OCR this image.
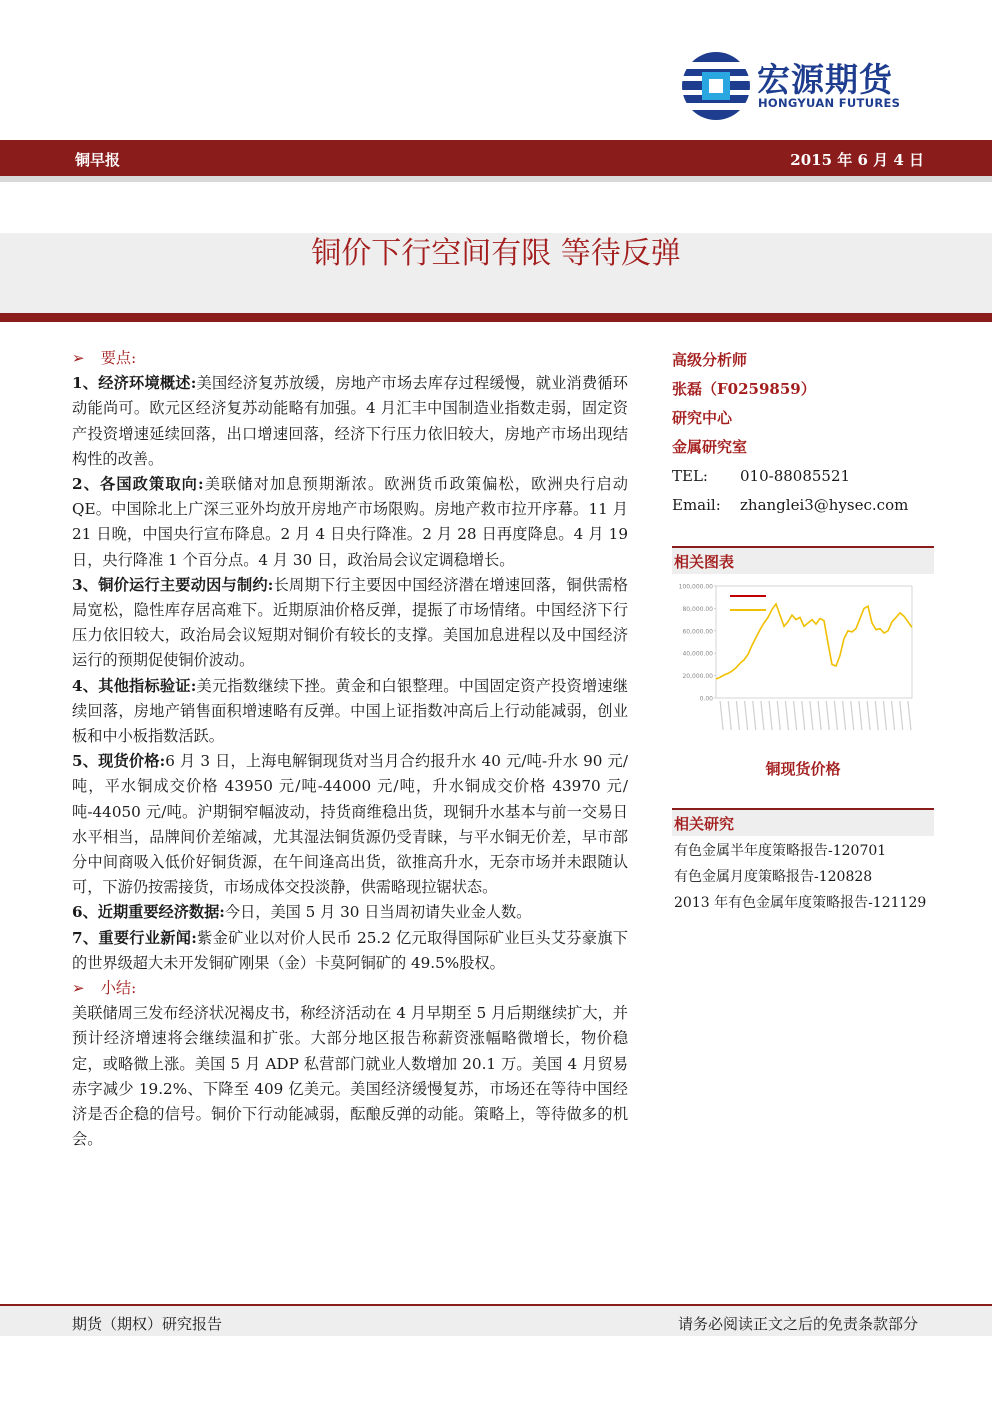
宏源期货
HONGYUAN FUTURES
铜早报	2015 年 6 月 4 日
铜价下行空间有限 等待反弹

➢ 要点:

1、经济环境概述:美国经济复苏放缓，房地产市场去库存过程缓慢，就业消费循环动能尚可。欧元区经济复苏动能略有加强。4 月汇丰中国制造业指数走弱，固定资产投资增速延续回落，出口增速回落，经济下行压力依旧较大，房地产市场出现结构性的改善。

2、各国政策取向:美联储对加息预期渐浓。欧洲货币政策偏松，欧洲央行启动 QE。中国除北上广深三亚外均放开房地产市场限购。房地产救市拉开序幕。11 月 21 日晚，中国央行宣布降息。2 月 4 日央行降准。2 月 28 日再度降息。4 月 19 日，央行降准 1 个百分点。4 月 30 日，政治局会议定调稳增长。

3、铜价运行主要动因与制约:长周期下行主要因中国经济潜在增速回落，铜供需格局宽松，隐性库存居高难下。近期原油价格反弹，提振了市场情绪。中国经济下行压力依旧较大，政治局会议短期对铜价有较长的支撑。美国加息进程以及中国经济运行的预期促使铜价波动。

4、其他指标验证:美元指数继续下挫。黄金和白银整理。中国固定资产投资增速继续回落，房地产销售面积增速略有反弹。中国上证指数冲高后上行动能减弱，创业板和中小板指数活跃。

5、现货价格:6 月 3 日，上海电解铜现货对当月合约报升水 40 元/吨-升水 90 元/吨，平水铜成交价格 43950 元/吨-44000 元/吨，升水铜成交价格 43970 元/吨-44050 元/吨。沪期铜窄幅波动，持货商维稳出货，现铜升水基本与前一交易日水平相当，品牌间价差缩减，尤其湿法铜货源仍受青睐，与平水铜无价差，早市部分中间商吸入低价好铜货源，在午间逢高出货，欲推高升水，无奈市场并未跟随认可，下游仍按需接货，市场成体交投淡静，供需略现拉锯状态。

6、近期重要经济数据:今日，美国 5 月 30 日当周初请失业金人数。

7、重要行业新闻:紫金矿业以对价人民币 25.2 亿元取得国际矿业巨头艾芬豪旗下的世界级超大未开发铜矿刚果（金）卡莫阿铜矿的 49.5%股权。

➢ 小结:

美联储周三发布经济状况褐皮书，称经济活动在 4 月早期至 5 月后期继续扩大，并预计经济增速将会继续温和扩张。大部分地区报告称薪资涨幅略微增长，物价稳定，或略微上涨。美国 5 月 ADP 私营部门就业人数增加 20.1 万。美国 4 月贸易赤字减少 19.2%、下降至 409 亿美元。美国经济缓慢复苏，市场还在等待中国经济是否企稳的信号。铜价下行动能减弱，酝酿反弹的动能。策略上，等待做多的机会。

高级分析师
张磊（F0259859）
研究中心
金属研究室
TEL:	010-88085521
Email:	zhanglei3@hysec.com
相关图表
100,000.00
80,000.00
60,000.00
40,000.00
20,000.00
0.00
铜现货价格
相关研究
有色金属半年度策略报告-120701
有色金属月度策略报告-120828
2013 年有色金属年度策略报告-121129
期货（期权）研究报告	请务必阅读正文之后的免责条款部分
